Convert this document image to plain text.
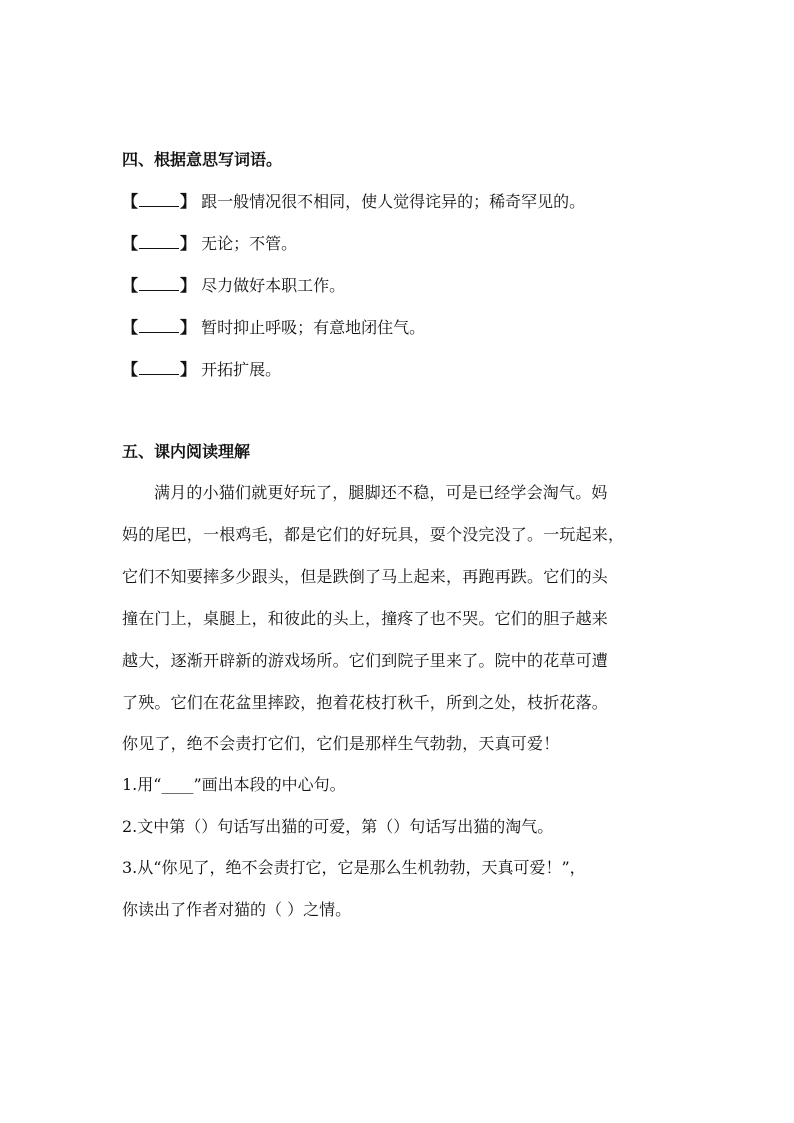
四、根据意思写词语。
【	】 跟一般情况很不相同，使人觉得诧异的；稀奇罕见的。
【	】 无论；不管。
【	】 尽力做好本职工作。
【	】 暂时抑止呼吸；有意地闭住气。
【	】 开拓扩展。
五、课内阅读理解
满月的小猫们就更好玩了，腿脚还不稳，可是已经学会淘气。妈
妈的尾巴，一根鸡毛，都是它们的好玩具，耍个没完没了。一玩起来，
它们不知要摔多少跟头，但是跌倒了马上起来，再跑再跌。它们的头
撞在门上，桌腿上，和彼此的头上，撞疼了也不哭。它们的胆子越来
越大，逐渐开辟新的游戏场所。它们到院子里来了。院中的花草可遭
了殃。它们在花盆里摔跤，抱着花枝打秋千，所到之处，枝折花落。
你见了，绝不会责打它们，它们是那样生气勃勃，天真可爱！
1.用“____”画出本段的中心句。
2.文中第（）句话写出猫的可爱，第（）句话写出猫的淘气。
3.从“你见了，绝不会责打它，它是那么生机勃勃，天真可爱！”，
你读出了作者对猫的（ ）之情。
